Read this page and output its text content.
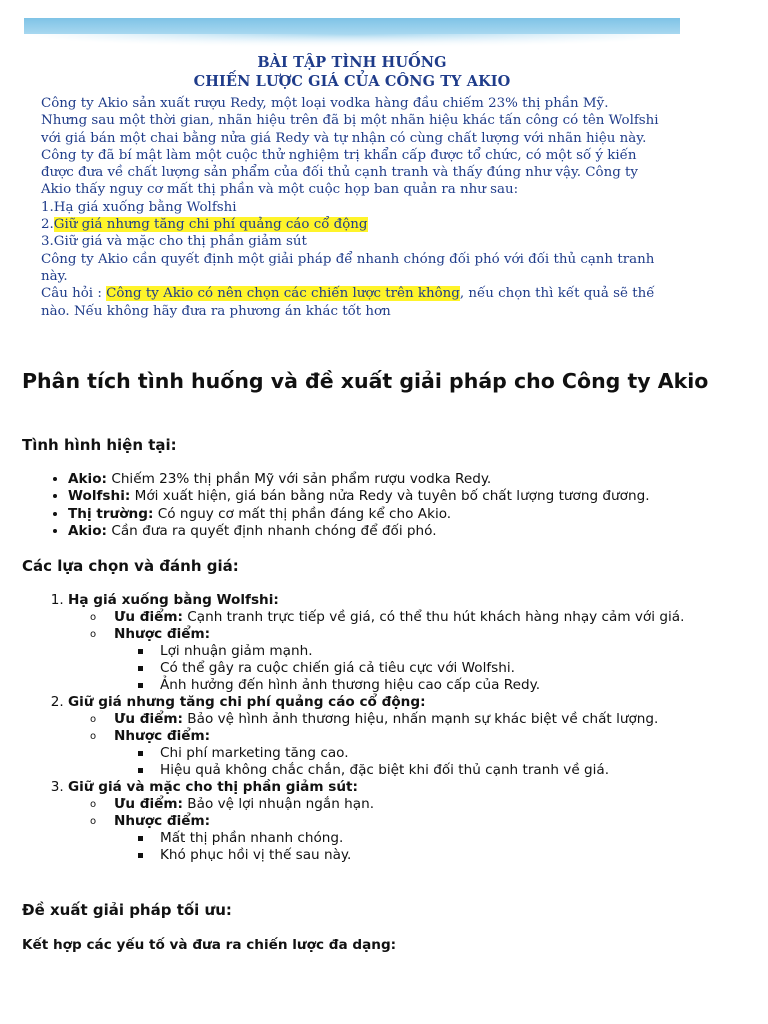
BÀI TẬP TÌNH HUỐNG
CHIẾN LƯỢC GIÁ CỦA CÔNG TY AKIO
Công ty Akio sản xuất rượu Redy, một loại vodka hàng đầu chiếm 23% thị phần Mỹ.
Nhưng sau một thời gian, nhãn hiệu trên đã bị một nhãn hiệu khác tấn công có tên Wolfshi
với giá bán một chai bằng nửa giá Redy và tự nhận có cùng chất lượng với nhãn hiệu này.
Công ty đã bí mật làm một cuộc thử nghiệm trị khẩn cấp được tổ chức, có một số ý kiến
được đưa về chất lượng sản phẩm của đối thủ cạnh tranh và thấy đúng như vậy. Công ty
Akio thấy nguy cơ mất thị phần và một cuộc họp ban quản ra như sau:
1.Hạ giá xuống bằng Wolfshi
2.Giữ giá nhưng tăng chi phí quảng cáo cổ động
3.Giữ giá và mặc cho thị phần giảm sút
Công ty Akio cần quyết định một giải pháp để nhanh chóng đối phó với đối thủ cạnh tranh
này.
Câu hỏi : Công ty Akio có nên chọn các chiến lược trên không, nếu chọn thì kết quả sẽ thế
nào. Nếu không hãy đưa ra phương án khác tốt hơn
Phân tích tình huống và đề xuất giải pháp cho Công ty Akio
Tình hình hiện tại:
• Akio: Chiếm 23% thị phần Mỹ với sản phẩm rượu vodka Redy.
• Wolfshi: Mới xuất hiện, giá bán bằng nửa Redy và tuyên bố chất lượng tương đương.
• Thị trường: Có nguy cơ mất thị phần đáng kể cho Akio.
• Akio: Cần đưa ra quyết định nhanh chóng để đối phó.
Các lựa chọn và đánh giá:
1. Hạ giá xuống bằng Wolfshi:
o Ưu điểm: Cạnh tranh trực tiếp về giá, có thể thu hút khách hàng nhạy cảm với giá.
o Nhược điểm:
Lợi nhuận giảm mạnh.
Có thể gây ra cuộc chiến giá cả tiêu cực với Wolfshi.
Ảnh hưởng đến hình ảnh thương hiệu cao cấp của Redy.
2. Giữ giá nhưng tăng chi phí quảng cáo cổ động:
o Ưu điểm: Bảo vệ hình ảnh thương hiệu, nhấn mạnh sự khác biệt về chất lượng.
o Nhược điểm:
Chi phí marketing tăng cao.
Hiệu quả không chắc chắn, đặc biệt khi đối thủ cạnh tranh về giá.
3. Giữ giá và mặc cho thị phần giảm sút:
o Ưu điểm: Bảo vệ lợi nhuận ngắn hạn.
o Nhược điểm:
Mất thị phần nhanh chóng.
Khó phục hồi vị thế sau này.
Đề xuất giải pháp tối ưu:
Kết hợp các yếu tố và đưa ra chiến lược đa dạng:
